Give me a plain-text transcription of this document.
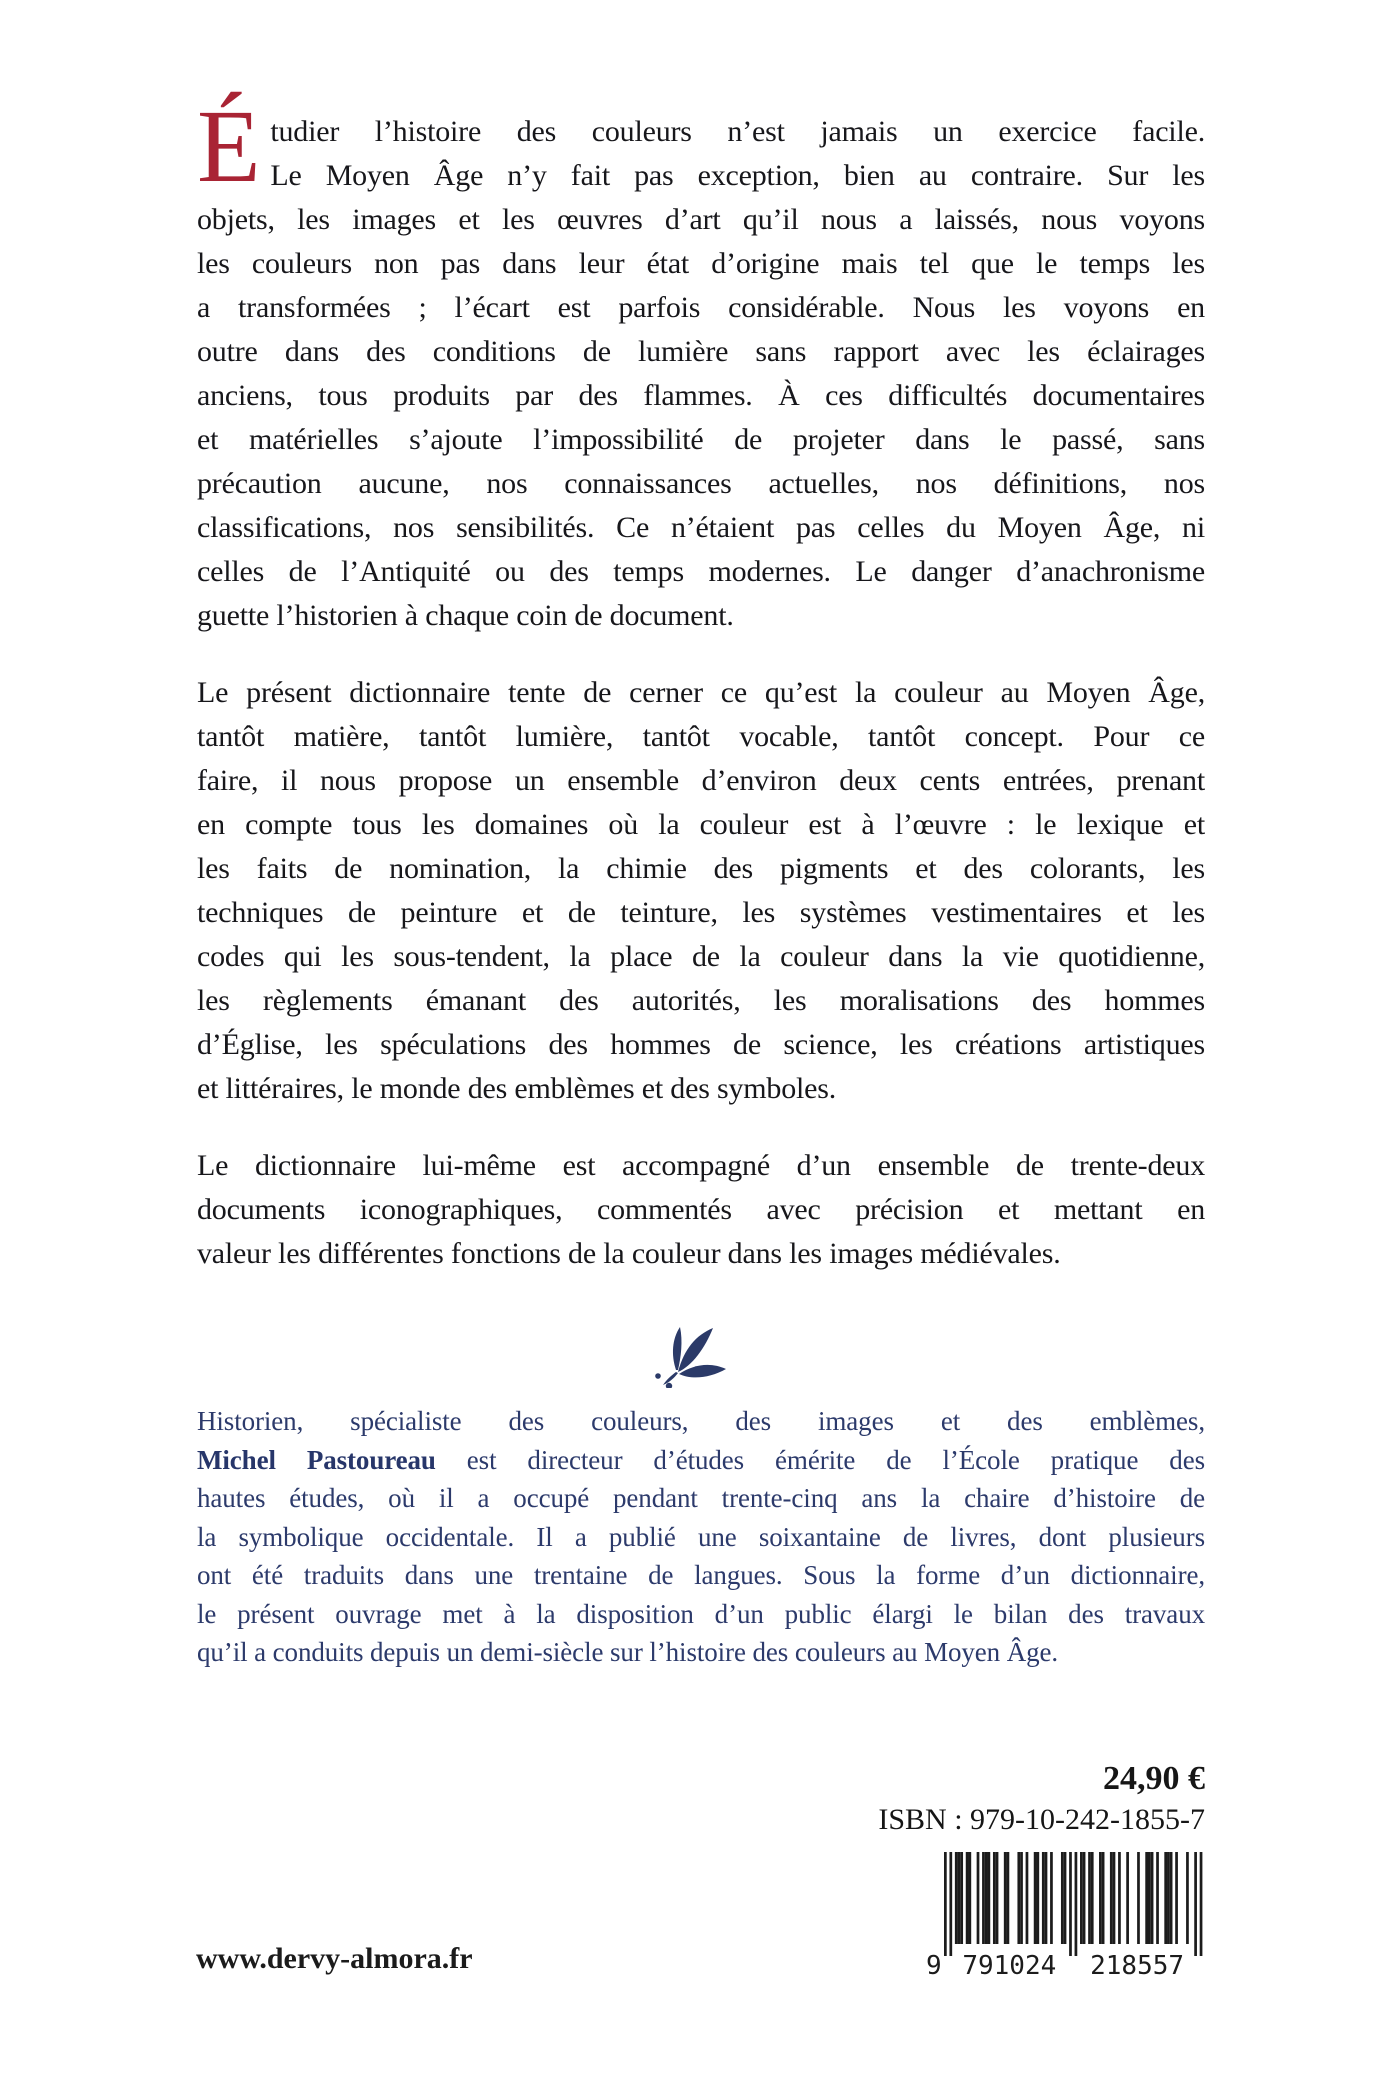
É tudier l’histoire des couleurs n’est jamais un exercice facile.
Le Moyen Âge n’y fait pas exception, bien au contraire. Sur les
objets, les images et les œuvres d’art qu’il nous a laissés, nous voyons
les couleurs non pas dans leur état d’origine mais tel que le temps les
a transformées ; l’écart est parfois considérable. Nous les voyons en
outre dans des conditions de lumière sans rapport avec les éclairages
anciens, tous produits par des flammes. À ces difficultés documentaires
et matérielles s’ajoute l’impossibilité de projeter dans le passé, sans
précaution aucune, nos connaissances actuelles, nos définitions, nos
classifications, nos sensibilités. Ce n’étaient pas celles du Moyen Âge, ni
celles de l’Antiquité ou des temps modernes. Le danger d’anachronisme
guette l’historien à chaque coin de document.
Le présent dictionnaire tente de cerner ce qu’est la couleur au Moyen Âge,
tantôt matière, tantôt lumière, tantôt vocable, tantôt concept. Pour ce
faire, il nous propose un ensemble d’environ deux cents entrées, prenant
en compte tous les domaines où la couleur est à l’œuvre : le lexique et
les faits de nomination, la chimie des pigments et des colorants, les
techniques de peinture et de teinture, les systèmes vestimentaires et les
codes qui les sous-tendent, la place de la couleur dans la vie quotidienne,
les règlements émanant des autorités, les moralisations des hommes
d’Église, les spéculations des hommes de science, les créations artistiques
et littéraires, le monde des emblèmes et des symboles.
Le dictionnaire lui-même est accompagné d’un ensemble de trente-deux
documents iconographiques, commentés avec précision et mettant en
valeur les différentes fonctions de la couleur dans les images médiévales.
Historien, spécialiste des couleurs, des images et des emblèmes,
Michel Pastoureau est directeur d’études émérite de l’École pratique des
hautes études, où il a occupé pendant trente-cinq ans la chaire d’histoire de
la symbolique occidentale. Il a publié une soixantaine de livres, dont plusieurs
ont été traduits dans une trentaine de langues. Sous la forme d’un dictionnaire,
le présent ouvrage met à la disposition d’un public élargi le bilan des travaux
qu’il a conduits depuis un demi-siècle sur l’histoire des couleurs au Moyen Âge.
24,90 €
ISBN : 979-10-242-1855-7
9 791024 218557
www.dervy-almora.fr
